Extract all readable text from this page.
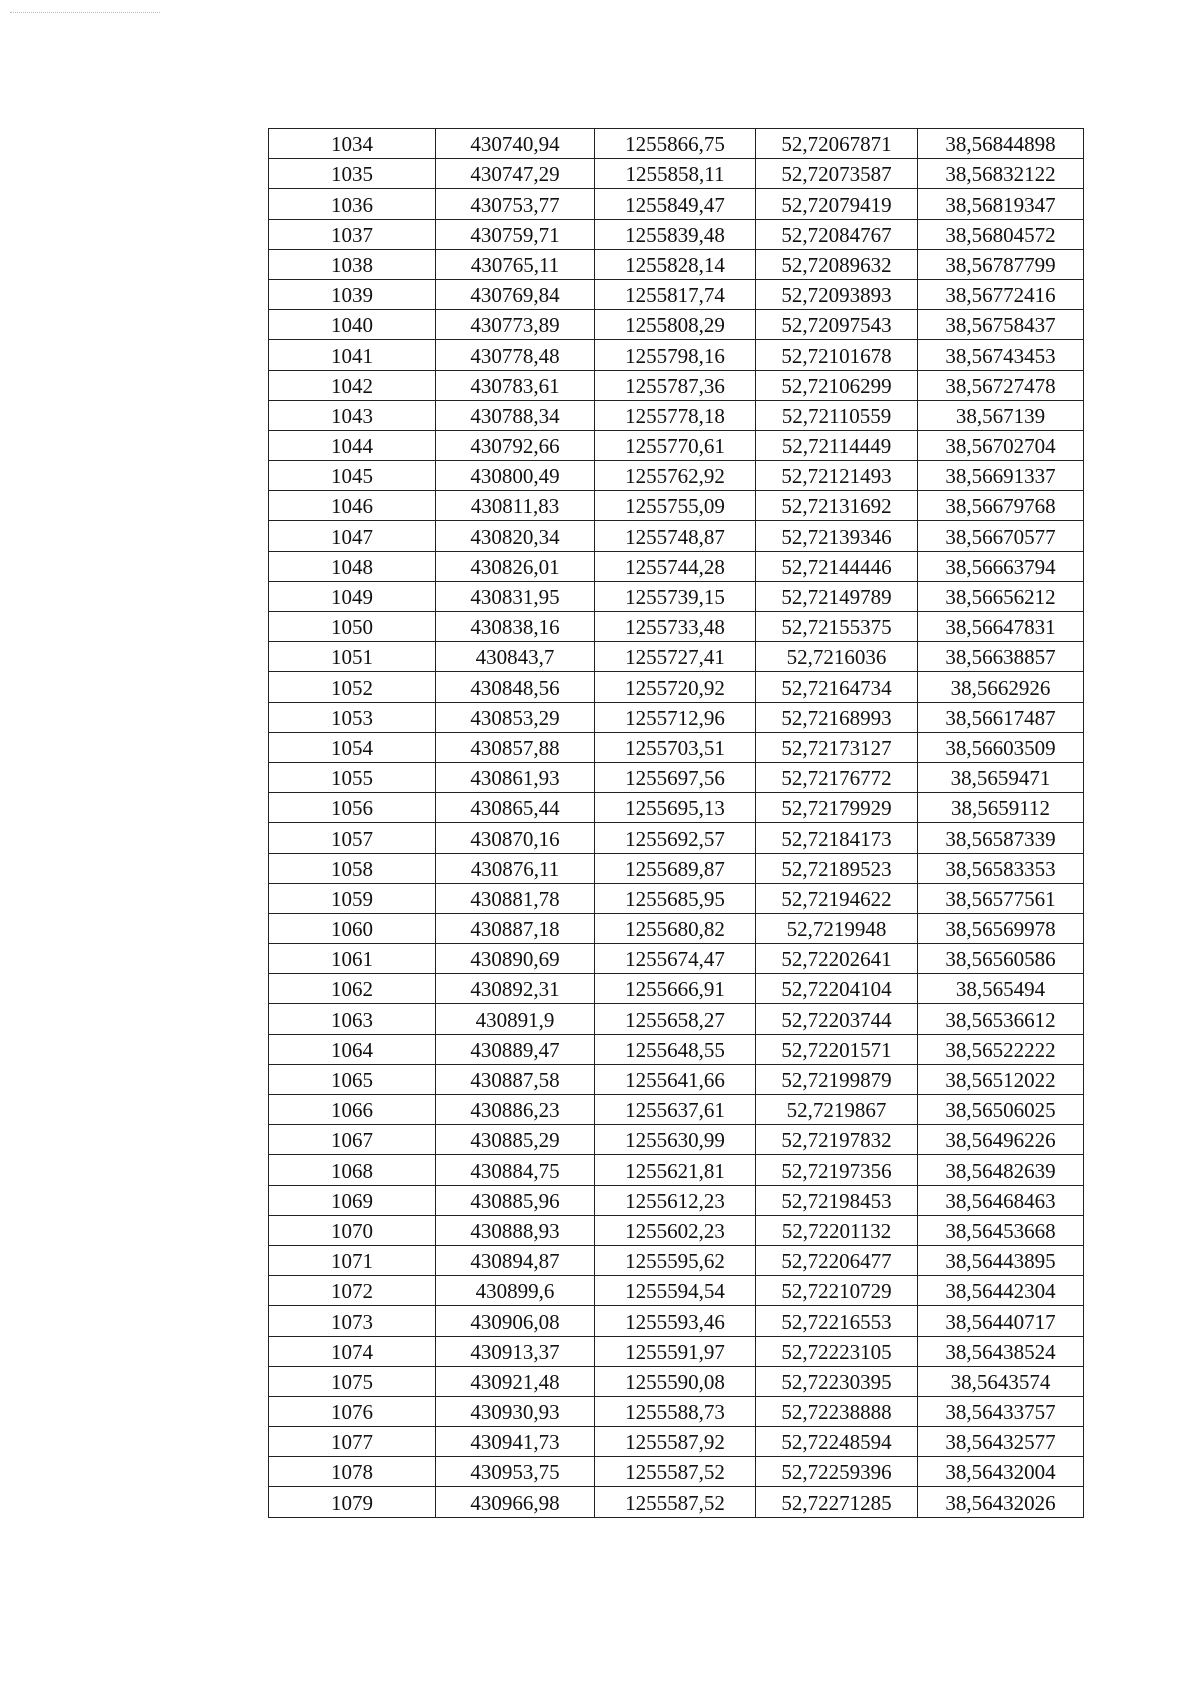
1034	430740,94	1255866,75	52,72067871	38,56844898
1035	430747,29	1255858,11	52,72073587	38,56832122
1036	430753,77	1255849,47	52,72079419	38,56819347
1037	430759,71	1255839,48	52,72084767	38,56804572
1038	430765,11	1255828,14	52,72089632	38,56787799
1039	430769,84	1255817,74	52,72093893	38,56772416
1040	430773,89	1255808,29	52,72097543	38,56758437
1041	430778,48	1255798,16	52,72101678	38,56743453
1042	430783,61	1255787,36	52,72106299	38,56727478
1043	430788,34	1255778,18	52,72110559	38,567139
1044	430792,66	1255770,61	52,72114449	38,56702704
1045	430800,49	1255762,92	52,72121493	38,56691337
1046	430811,83	1255755,09	52,72131692	38,56679768
1047	430820,34	1255748,87	52,72139346	38,56670577
1048	430826,01	1255744,28	52,72144446	38,56663794
1049	430831,95	1255739,15	52,72149789	38,56656212
1050	430838,16	1255733,48	52,72155375	38,56647831
1051	430843,7	1255727,41	52,7216036	38,56638857
1052	430848,56	1255720,92	52,72164734	38,5662926
1053	430853,29	1255712,96	52,72168993	38,56617487
1054	430857,88	1255703,51	52,72173127	38,56603509
1055	430861,93	1255697,56	52,72176772	38,5659471
1056	430865,44	1255695,13	52,72179929	38,5659112
1057	430870,16	1255692,57	52,72184173	38,56587339
1058	430876,11	1255689,87	52,72189523	38,56583353
1059	430881,78	1255685,95	52,72194622	38,56577561
1060	430887,18	1255680,82	52,7219948	38,56569978
1061	430890,69	1255674,47	52,72202641	38,56560586
1062	430892,31	1255666,91	52,72204104	38,565494
1063	430891,9	1255658,27	52,72203744	38,56536612
1064	430889,47	1255648,55	52,72201571	38,56522222
1065	430887,58	1255641,66	52,72199879	38,56512022
1066	430886,23	1255637,61	52,7219867	38,56506025
1067	430885,29	1255630,99	52,72197832	38,56496226
1068	430884,75	1255621,81	52,72197356	38,56482639
1069	430885,96	1255612,23	52,72198453	38,56468463
1070	430888,93	1255602,23	52,72201132	38,56453668
1071	430894,87	1255595,62	52,72206477	38,56443895
1072	430899,6	1255594,54	52,72210729	38,56442304
1073	430906,08	1255593,46	52,72216553	38,56440717
1074	430913,37	1255591,97	52,72223105	38,56438524
1075	430921,48	1255590,08	52,72230395	38,5643574
1076	430930,93	1255588,73	52,72238888	38,56433757
1077	430941,73	1255587,92	52,72248594	38,56432577
1078	430953,75	1255587,52	52,72259396	38,56432004
1079	430966,98	1255587,52	52,72271285	38,56432026
